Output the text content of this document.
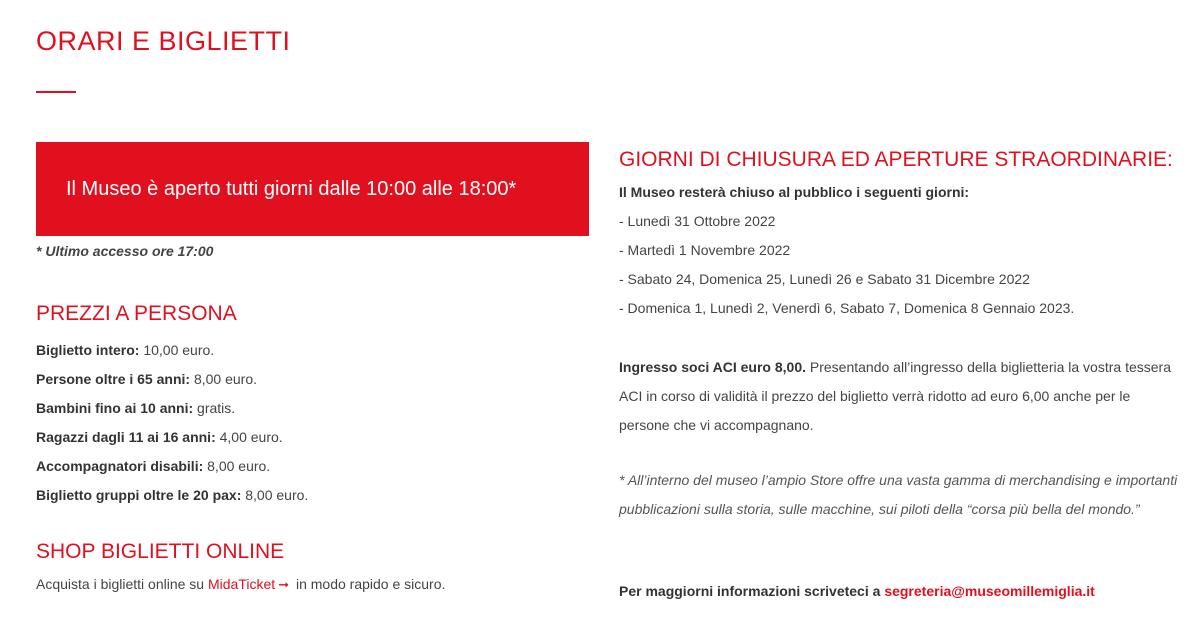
ORARI E BIGLIETTI
Il Museo è aperto tutti giorni dalle 10:00 alle 18:00*

* Ultimo accesso ore 17:00

PREZZI A PERSONA
Biglietto intero: 10,00 euro.
Persone oltre i 65 anni: 8,00 euro.
Bambini fino ai 10 anni: gratis.
Ragazzi dagli 11 ai 16 anni: 4,00 euro.
Accompagnatori disabili: 8,00 euro.
Biglietto gruppi oltre le 20 pax: 8,00 euro.
SHOP BIGLIETTI ONLINE

Acquista i biglietti online su MidaTicket ➞ in modo rapido e sicuro.

GIORNI DI CHIUSURA ED APERTURE STRAORDINARIE:

Il Museo resterà chiuso al pubblico i seguenti giorni:

- Lunedì 31 Ottobre 2022
- Martedì 1 Novembre 2022
- Sabato 24, Domenica 25, Lunedì 26 e Sabato 31 Dicembre 2022
- Domenica 1, Lunedì 2, Venerdì 6, Sabato 7, Domenica 8 Gennaio 2023.

Ingresso soci ACI euro 8,00. Presentando all’ingresso della biglietteria la vostra tessera ACI in corso di validità il prezzo del biglietto verrà ridotto ad euro 6,00 anche per le persone che vi accompagnano.

* All’interno del museo l’ampio Store offre una vasta gamma di merchandising e importanti pubblicazioni sulla storia, sulle macchine, sui piloti della “corsa più bella del mondo.”

Per maggiorni informazioni scriveteci a segreteria@museomillemiglia.it
